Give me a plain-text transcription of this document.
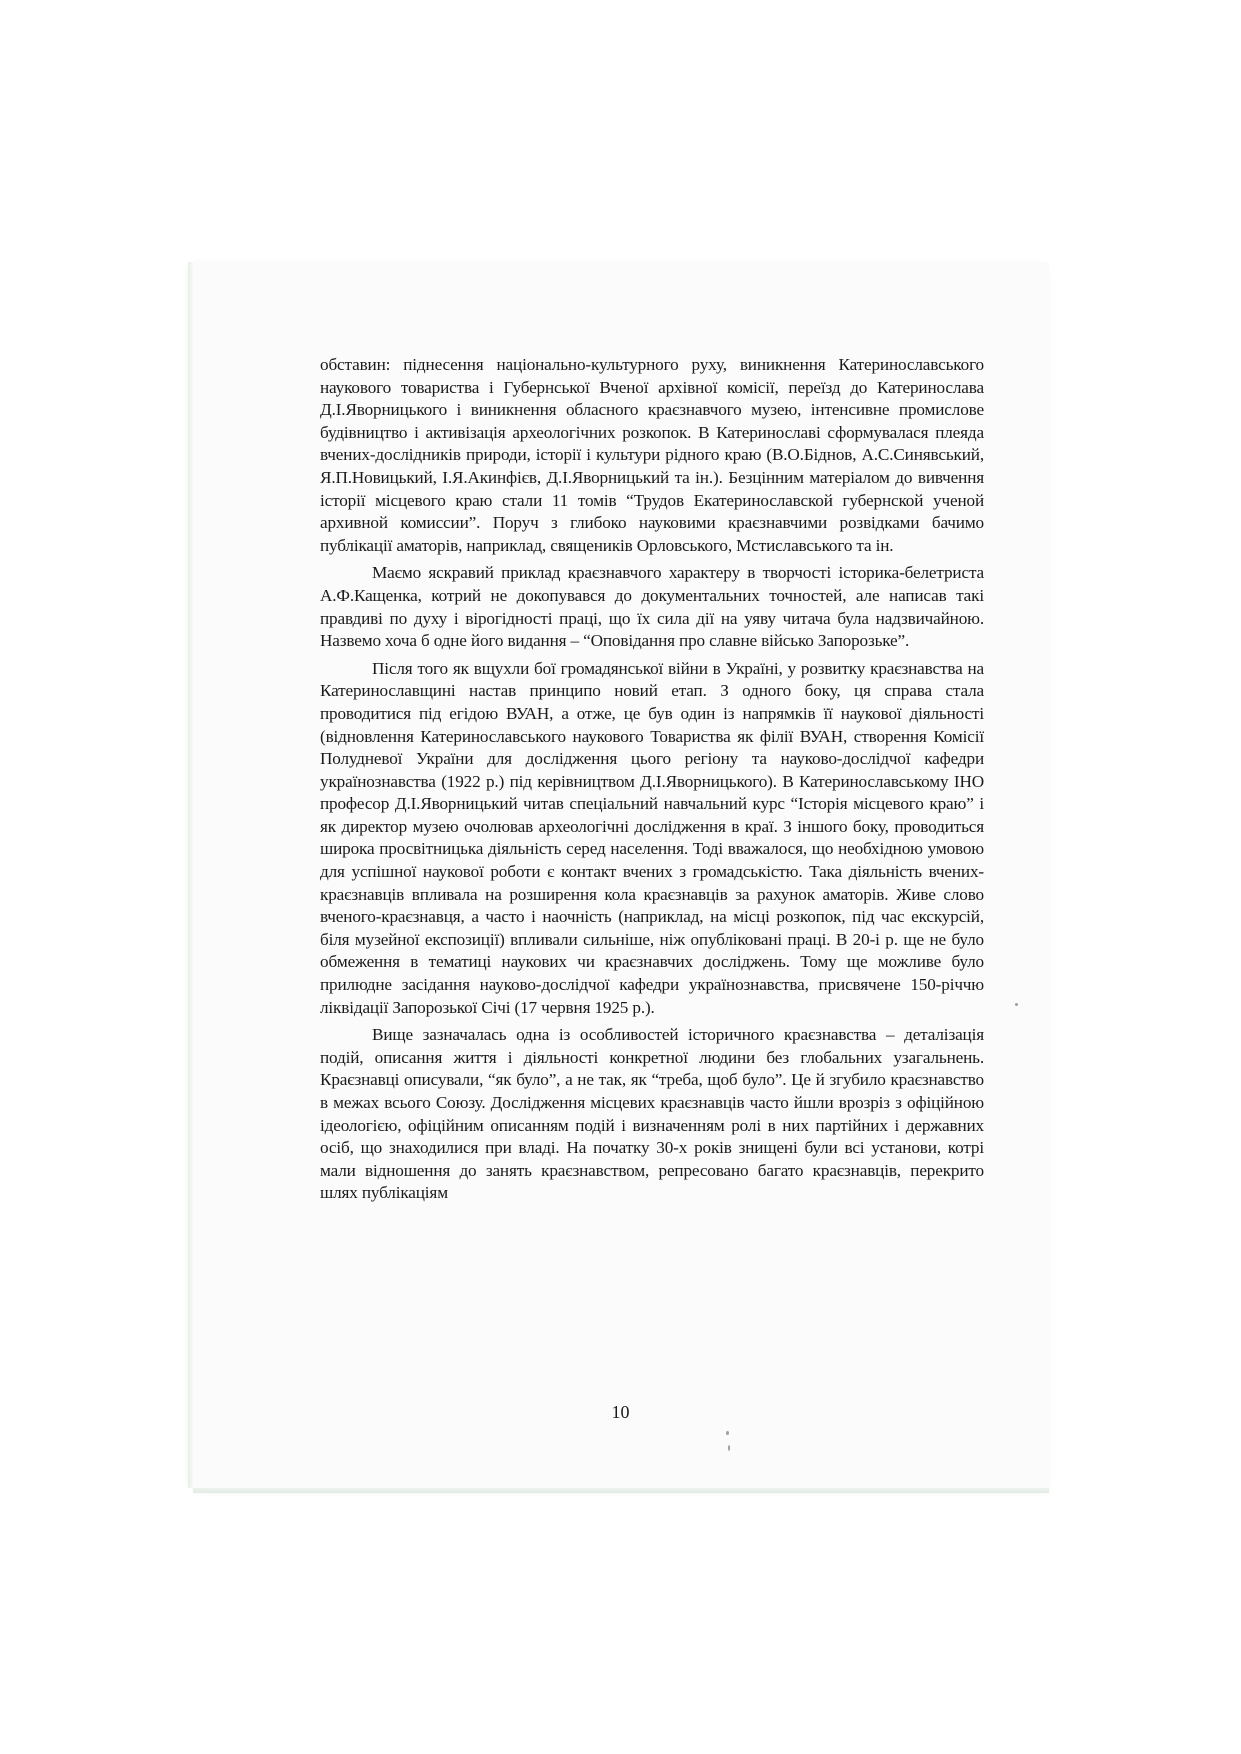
обставин: піднесення національно-культурного руху, виникнення Катеринославського наукового товариства і Губернської Вченої архівної комісії, переїзд до Катеринослава Д.І.Яворницького і виникнення обласного краєзнавчого музею, інтенсивне промислове будівництво і активізація археологічних розкопок. В Катеринославі сформувалася плеяда вчених-дослідників природи, історії і культури рідного краю (В.О.Біднов, А.С.Синявський, Я.П.Новицький, І.Я.Акинфієв, Д.І.Яворницький та ін.). Безцінним матеріалом до вивчення історії місцевого краю стали 11 томів “Трудов Екатеринославской губернской ученой архивной комиссии”. Поруч з глибоко науковими краєзнавчими розвідками бачимо публікації аматорів, наприклад, священиків Орловського, Мстиславського та ін.

Маємо яскравий приклад краєзнавчого характеру в творчості історика-белетриста А.Ф.Кащенка, котрий не докопувався до документальних точностей, але написав такі правдиві по духу і вірогідності праці, що їх сила дії на уяву читача була надзвичайною. Назвемо хоча б одне його видання – “Оповідання про славне військо Запорозьке”.

Після того як вщухли бої громадянської війни в Україні, у розвитку краєзнавства на Катеринославщині настав принципо новий етап. З одного боку, ця справа стала проводитися під егідою ВУАН, а отже, це був один із напрямків її наукової діяльності (відновлення Катеринославського наукового Товариства як філії ВУАН, створення Комісії Полудневої України для дослідження цього регіону та науково-дослідчої кафедри українознавства (1922 р.) під керівництвом Д.І.Яворницького). В Катеринославському ІНО професор Д.І.Яворницький читав спеціальний навчальний курс “Історія місцевого краю” і як директор музею очолював археологічні дослідження в краї. З іншого боку, проводиться широка просвітницька діяльність серед населення. Тоді вважалося, що необхідною умовою для успішної наукової роботи є контакт вчених з громадськістю. Така діяльність вчених-краєзнавців впливала на розширення кола краєзнавців за рахунок аматорів. Живе слово вченого-краєзнавця, а часто і наочність (наприклад, на місці розкопок, під час екскурсій, біля музейної експозиції) впливали сильніше, ніж опубліковані праці. В 20-і р. ще не було обмеження в тематиці наукових чи краєзнавчих досліджень. Тому ще можливе було прилюдне засідання науково-дослідчої кафедри українознавства, присвячене 150-річчю ліквідації Запорозької Січі (17 червня 1925 р.).

Вище зазначалась одна із особливостей історичного краєзнавства – деталізація подій, описання життя і діяльності конкретної людини без глобальних узагальнень. Краєзнавці описували, “як було”, а не так, як “треба, щоб було”. Це й згубило краєзнавство в межах всього Союзу. Дослідження місцевих краєзнавців часто йшли врозріз з офіційною ідеологією, офіційним описанням подій і визначенням ролі в них партійних і державних осіб, що знаходилися при владі. На початку 30-х років знищені були всі установи, котрі мали відношення до занять краєзнавством, репресовано багато краєзнавців, перекрито шлях публікаціям

10
